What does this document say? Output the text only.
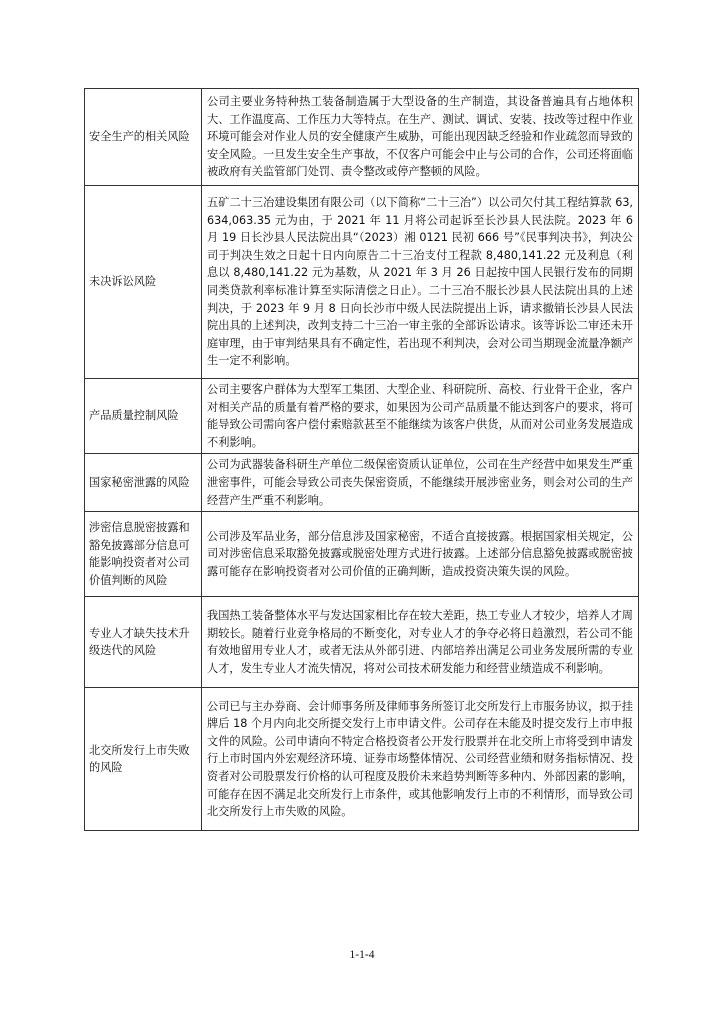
安全生产的相关风险	公司主要业务特种热工装备制造属于大型设备的生产制造，其设备普遍具有占地体积大、工作温度高、工作压力大等特点。在生产、测试、调试、安装、技改等过程中作业环境可能会对作业人员的安全健康产生威胁，可能出现因缺乏经验和作业疏忽而导致的安全风险。一旦发生安全生产事故，不仅客户可能会中止与公司的合作，公司还将面临被政府有关监管部门处罚、责令整改或停产整顿的风险。
未决诉讼风险	五矿二十三冶建设集团有限公司（以下简称“二十三冶”）以公司欠付其工程结算款 63,634,063.35 元为由，于 2021 年 11 月将公司起诉至长沙县人民法院。2023 年 6 月 19 日长沙县人民法院出具“（2023）湘 0121 民初 666 号”《民事判决书》，判决公司于判决生效之日起十日内向原告二十三冶支付工程款 8,480,141.22 元及利息（利息以 8,480,141.22 元为基数，从 2021 年 3 月 26 日起按中国人民银行发布的同期同类贷款利率标准计算至实际清偿之日止）。二十三冶不服长沙县人民法院出具的上述判决，于 2023 年 9 月 8 日向长沙市中级人民法院提出上诉，请求撤销长沙县人民法院出具的上述判决，改判支持二十三冶一审主张的全部诉讼请求。该等诉讼二审还未开庭审理，由于审判结果具有不确定性，若出现不利判决，会对公司当期现金流量净额产生一定不利影响。
产品质量控制风险	公司主要客户群体为大型军工集团、大型企业、科研院所、高校、行业骨干企业，客户对相关产品的质量有着严格的要求，如果因为公司产品质量不能达到客户的要求，将可能导致公司需向客户偿付索赔款甚至不能继续为该客户供货，从而对公司业务发展造成不利影响。
国家秘密泄露的风险	公司为武器装备科研生产单位二级保密资质认证单位，公司在生产经营中如果发生严重泄密事件，可能会导致公司丧失保密资质，不能继续开展涉密业务，则会对公司的生产经营产生严重不利影响。
涉密信息脱密披露和豁免披露部分信息可能影响投资者对公司价值判断的风险	公司涉及军品业务，部分信息涉及国家秘密，不适合直接披露。根据国家相关规定，公司对涉密信息采取豁免披露或脱密处理方式进行披露。上述部分信息豁免披露或脱密披露可能存在影响投资者对公司价值的正确判断，造成投资决策失误的风险。
专业人才缺失技术升级迭代的风险	我国热工装备整体水平与发达国家相比存在较大差距，热工专业人才较少，培养人才周期较长。随着行业竞争格局的不断变化，对专业人才的争夺必将日趋激烈，若公司不能有效地留用专业人才，或者无法从外部引进、内部培养出满足公司业务发展所需的专业人才，发生专业人才流失情况，将对公司技术研发能力和经营业绩造成不利影响。
北交所发行上市失败的风险	公司已与主办券商、会计师事务所及律师事务所签订北交所发行上市服务协议，拟于挂牌后 18 个月内向北交所提交发行上市申请文件。公司存在未能及时提交发行上市申报文件的风险。公司申请向不特定合格投资者公开发行股票并在北交所上市将受到申请发行上市时国内外宏观经济环境、证券市场整体情况、公司经营业绩和财务指标情况、投资者对公司股票发行价格的认可程度及股价未来趋势判断等多种内、外部因素的影响，可能存在因不满足北交所发行上市条件，或其他影响发行上市的不利情形，而导致公司北交所发行上市失败的风险。
1-1-4
